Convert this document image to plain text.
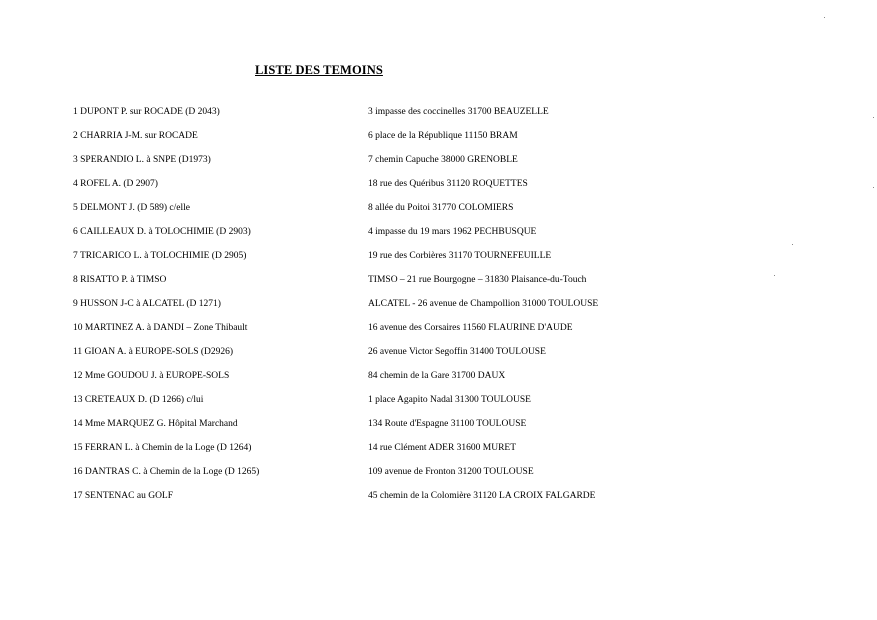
LISTE DES TEMOINS
1 DUPONT P. sur ROCADE (D 2043)	3 impasse des coccinelles 31700 BEAUZELLE
2 CHARRIA J-M. sur ROCADE	6 place de la République 11150 BRAM
3 SPERANDIO L. à SNPE (D1973)	7 chemin Capuche 38000 GRENOBLE
4 ROFEL A. (D 2907)	18 rue des Quéribus 31120 ROQUETTES
5 DELMONT J. (D 589) c/elle	8 allée du Poitoi 31770 COLOMIERS
6 CAILLEAUX D. à TOLOCHIMIE (D 2903)	4 impasse du 19 mars 1962 PECHBUSQUE
7 TRICARICO L. à TOLOCHIMIE (D 2905)	19 rue des Corbières 31170 TOURNEFEUILLE
8 RISATTO P. à TIMSO	TIMSO – 21 rue Bourgogne – 31830 Plaisance-du-Touch
9 HUSSON J-C à ALCATEL (D 1271)	ALCATEL - 26 avenue de Champollion 31000 TOULOUSE
10 MARTINEZ A. à DANDI – Zone Thibault	16 avenue des Corsaires 11560 FLAURINE D'AUDE
11 GIOAN A. à EUROPE-SOLS (D2926)	26 avenue Victor Segoffin 31400 TOULOUSE
12 Mme GOUDOU J. à EUROPE-SOLS	84 chemin de la Gare 31700 DAUX
13 CRETEAUX D. (D 1266) c/lui	1 place Agapito Nadal 31300 TOULOUSE
14 Mme MARQUEZ G. Hôpital Marchand	134 Route d'Espagne 31100 TOULOUSE
15 FERRAN L. à Chemin de la Loge (D 1264)	14 rue Clément ADER 31600 MURET
16 DANTRAS C. à Chemin de la Loge (D 1265)	109 avenue de Fronton 31200 TOULOUSE
17 SENTENAC au GOLF	45 chemin de la Colomière 31120 LA CROIX FALGARDE
